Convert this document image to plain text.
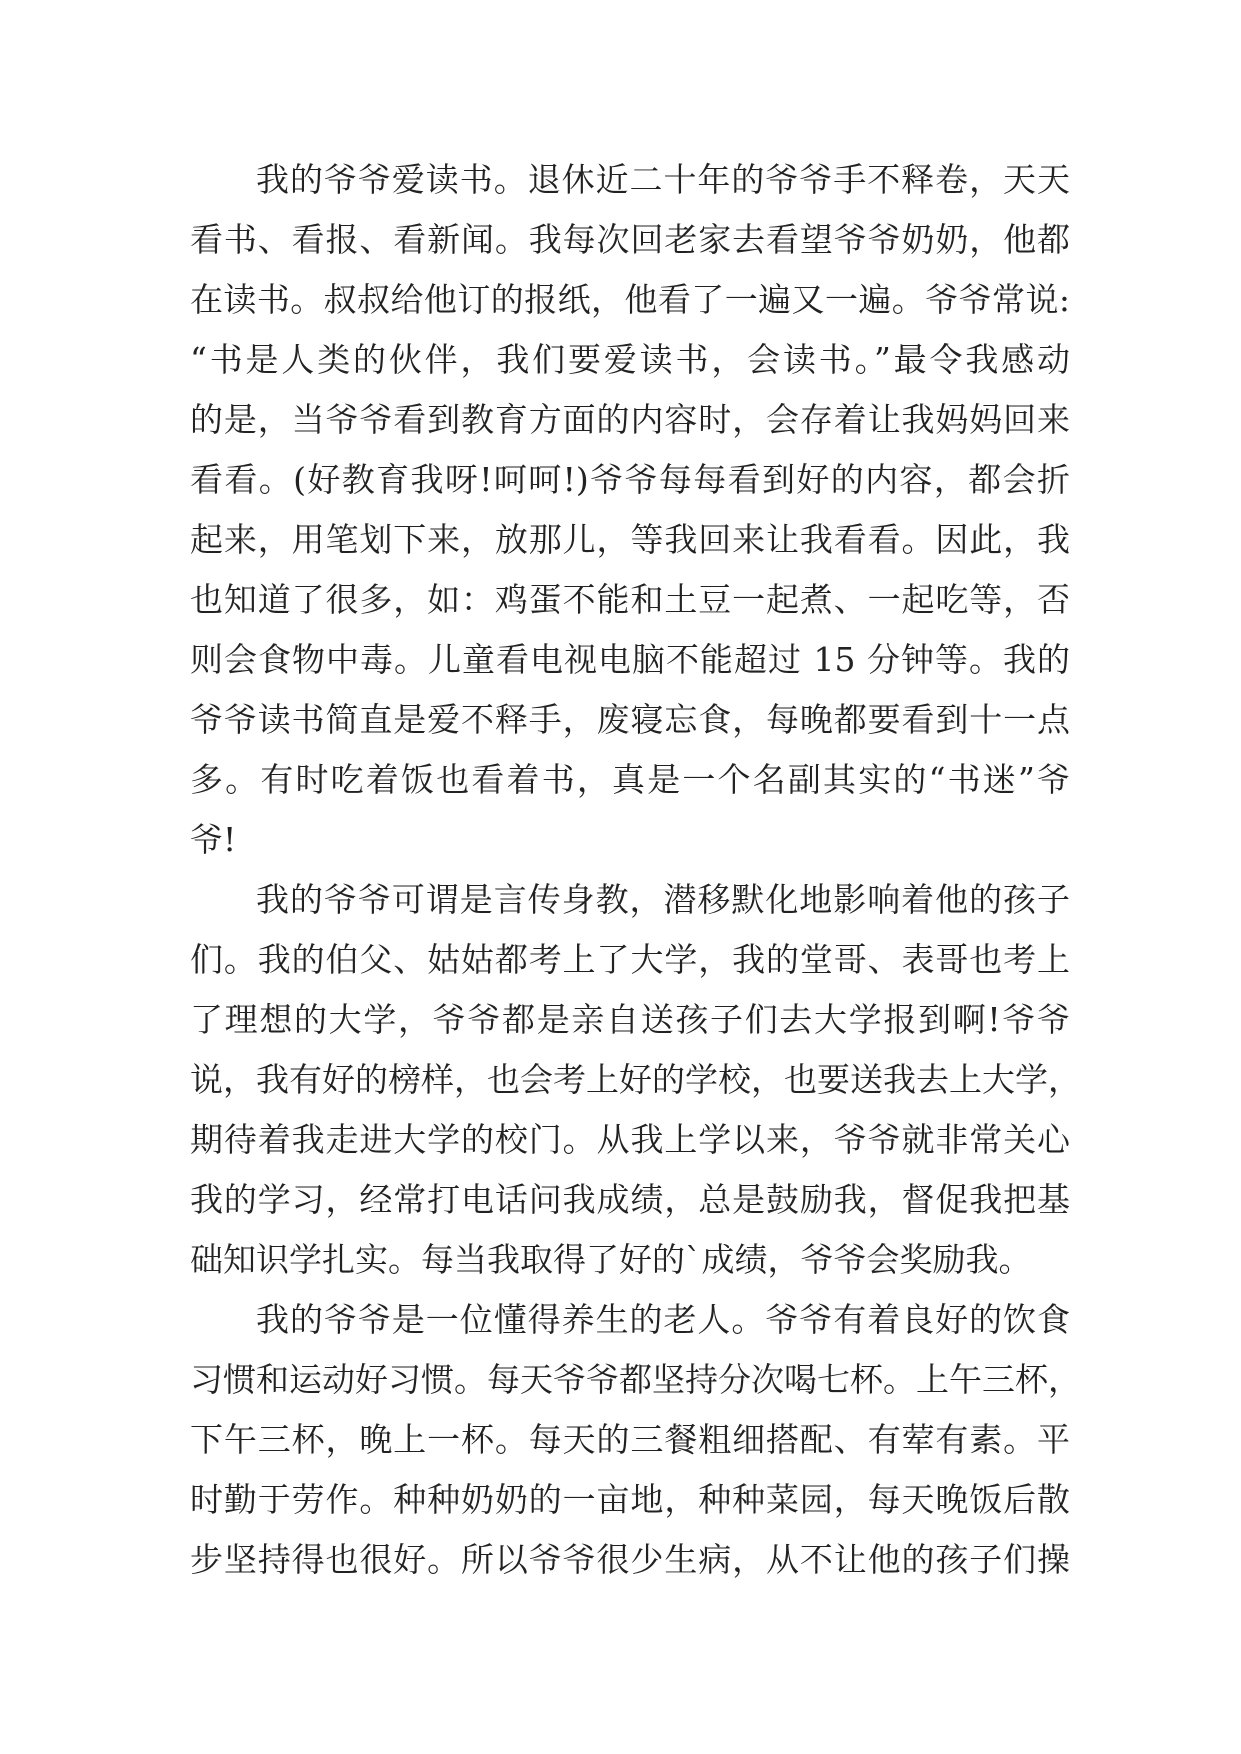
我的爷爷爱读书。退休近二十年的爷爷手不释卷，天天
看书、看报、看新闻。我每次回老家去看望爷爷奶奶，他都
在读书。叔叔给他订的报纸，他看了一遍又一遍。爷爷常说:
“书是人类的伙伴，我们要爱读书，会读书。”最令我感动
的是，当爷爷看到教育方面的内容时，会存着让我妈妈回来
看看。(好教育我呀!呵呵!)爷爷每每看到好的内容，都会折
起来，用笔划下来，放那儿，等我回来让我看看。因此，我
也知道了很多，如：鸡蛋不能和土豆一起煮、一起吃等，否
则会食物中毒。儿童看电视电脑不能超过 15 分钟等。我的
爷爷读书简直是爱不释手，废寝忘食，每晚都要看到十一点
多。有时吃着饭也看着书，真是一个名副其实的“书迷”爷
爷!
我的爷爷可谓是言传身教，潜移默化地影响着他的孩子
们。我的伯父、姑姑都考上了大学，我的堂哥、表哥也考上
了理想的大学，爷爷都是亲自送孩子们去大学报到啊!爷爷
说，我有好的榜样，也会考上好的学校，也要送我去上大学，
期待着我走进大学的校门。从我上学以来，爷爷就非常关心
我的学习，经常打电话问我成绩，总是鼓励我，督促我把基
础知识学扎实。每当我取得了好的`成绩，爷爷会奖励我。
我的爷爷是一位懂得养生的老人。爷爷有着良好的饮食
习惯和运动好习惯。每天爷爷都坚持分次喝七杯。上午三杯，
下午三杯，晚上一杯。每天的三餐粗细搭配、有荤有素。平
时勤于劳作。种种奶奶的一亩地，种种菜园，每天晚饭后散
步坚持得也很好。所以爷爷很少生病，从不让他的孩子们操
